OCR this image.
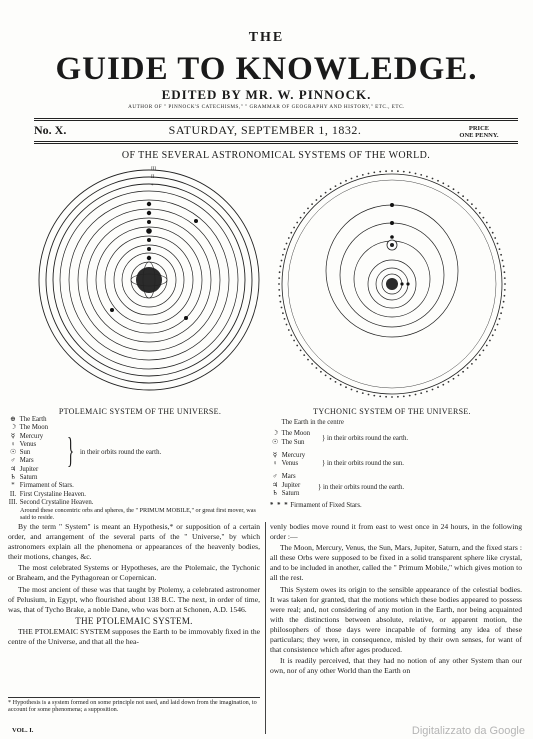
THE
GUIDE TO KNOWLEDGE.
EDITED BY MR. W. PINNOCK.
AUTHOR OF " PINNOCK'S CATECHISMS," " GRAMMAR OF GEOGRAPHY AND HISTORY," ETC., ETC.
No. X.	SATURDAY, SEPTEMBER 1, 1832.	PRICE
ONE PENNY.
OF THE SEVERAL ASTRONOMICAL SYSTEMS OF THE WORLD.
III
II
*
PTOLEMAIC SYSTEM OF THE UNIVERSE.
⊕ The Earth
☽ The Moon
☿ Mercury
♀ Venus
☉ Sun
♂ Mars
♃ Jupiter
♄ Saturn
* Firmament of Stars.
II. First Crystaline Heaven.
III. Second Crystaline Heaven.
Around these concentric orbs and spheres, the " PRIMUM MOBILE," or great first mover, was said to reside.
} in their orbits round the earth.
TYCHONIC SYSTEM OF THE UNIVERSE.
The Earth in the centre
☽ The Moon
☉ The Sun
☿ Mercury
♀ Venus
♂ Mars
♃ Jupiter
♄ Saturn
* * * Firmament of Fixed Stars.
} in their orbits round the earth.
} in their orbits round the sun.
} in their orbits round the earth.

By the term " System" is meant an Hypothesis,* or supposition of a certain order, and arrangement of the several parts of the " Universe," by which astronomers explain all the phenomena or appearances of the heavenly bodies, their motions, changes, &c.

The most celebrated Systems or Hypotheses, are the Ptolemaic, the Tychonic or Braheam, and the Pythagorean or Copernican.

The most ancient of these was that taught by Ptolemy, a celebrated astronomer of Pelusium, in Egypt, who flourished about 138 B.C. The next, in order of time, was, that of Tycho Brake, a noble Dane, who was born at Schonen, A.D. 1546.

THE PTOLEMAIC SYSTEM.

THE PTOLEMAIC SYSTEM supposes the Earth to be immovably fixed in the centre of the Universe, and that all the hea-

* Hypothesis is a system formed on some principle not used, and laid down from the imagination, to account for some phenomena; a supposition.
VOL. I.

venly bodies move round it from east to west once in 24 hours, in the following order :—

The Moon, Mercury, Venus, the Sun, Mars, Jupiter, Saturn, and the fixed stars : all these Orbs were supposed to be fixed in a solid transparent sphere like crystal, and to be included in another, called the " Primum Mobile," which gives motion to all the rest.

This System owes its origin to the sensible appearance of the celestial bodies. It was taken for granted, that the motions which these bodies appeared to possess were real; and, not considering of any motion in the Earth, nor being acquainted with the distinctions between absolute, relative, or apparent motion, the philosophers of those days were incapable of forming any idea of these particulars; they were, in consequence, misled by their own senses, for want of that consistence which after ages produced.

It is readily perceived, that they had no notion of any other System than our own, nor of any other World than the Earth on

Digitalizzato da Google
